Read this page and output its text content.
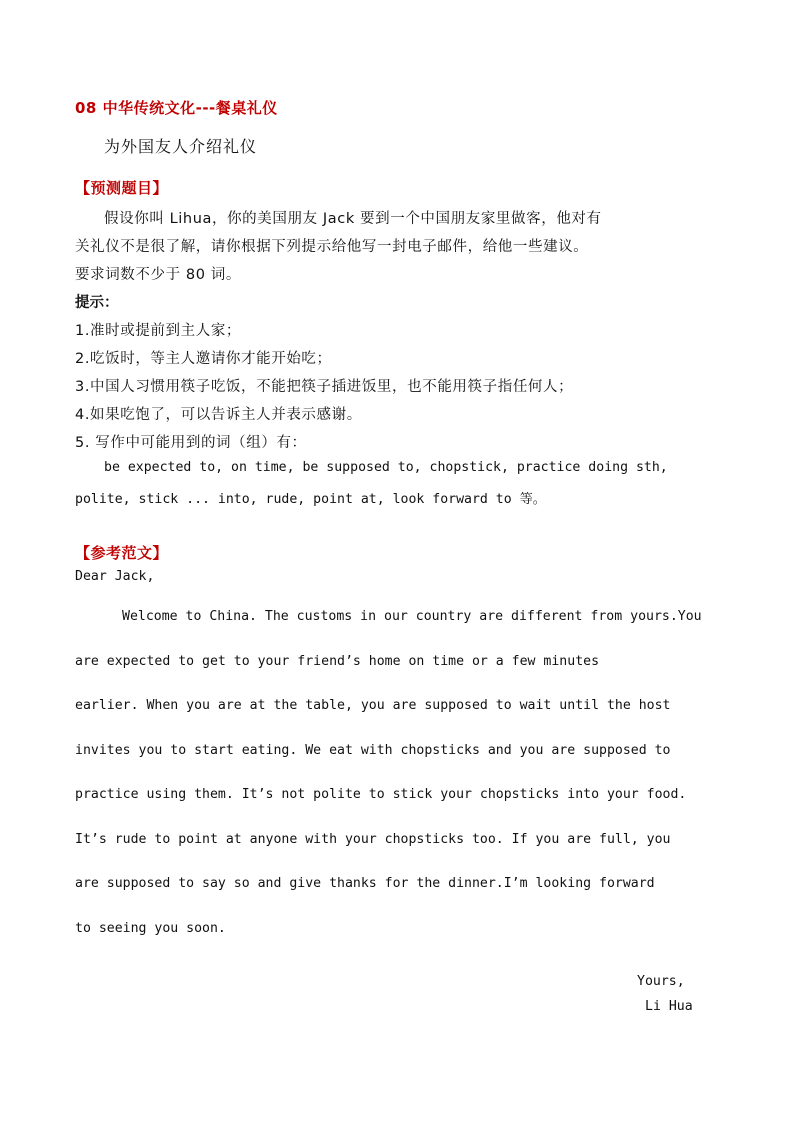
08 中华传统文化---餐桌礼仪
为外国友人介绍礼仪
【预测题目】
假设你叫 Lihua，你的美国朋友 Jack 要到一个中国朋友家里做客，他对有
关礼仪不是很了解，请你根据下列提示给他写一封电子邮件，给他一些建议。
要求词数不少于 80 词。
提示：
1.准时或提前到主人家；
2.吃饭时，等主人邀请你才能开始吃；
3.中国人习惯用筷子吃饭，不能把筷子插进饭里，也不能用筷子指任何人；
4.如果吃饱了，可以告诉主人并表示感谢。
5. 写作中可能用到的词（组）有：
be expected to, on time, be supposed to, chopstick, practice doing sth,
polite, stick ... into, rude, point at, look forward to 等。
【参考范文】
Dear Jack,
Welcome to China. The customs in our country are different from yours.You
are expected to get to your friend’s home on time or a few minutes
earlier. When you are at the table, you are supposed to wait until the host
invites you to start eating. We eat with chopsticks and you are supposed to
practice using them. It’s not polite to stick your chopsticks into your food.
It’s rude to point at anyone with your chopsticks too. If you are full, you
are supposed to say so and give thanks for the dinner.I’m looking forward
to seeing you soon.
Yours,
Li Hua
